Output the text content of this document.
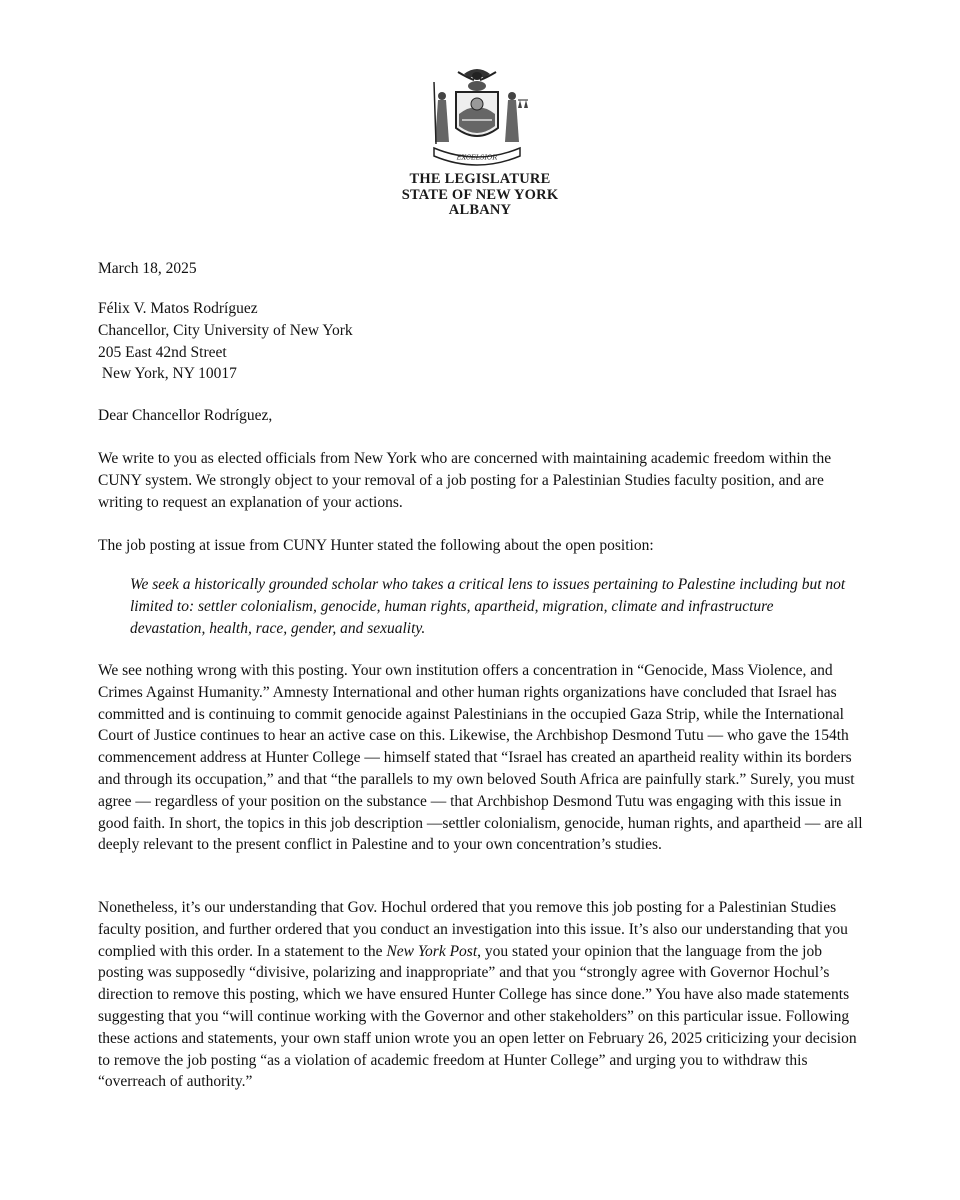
EXCELSIOR
THE LEGISLATURE
STATE OF NEW YORK
ALBANY
March 18, 2025
Félix V. Matos Rodríguez
Chancellor, City University of New York
205 East 42nd Street
New York, NY 10017
Dear Chancellor Rodríguez,

We write to you as elected officials from New York who are concerned with maintaining academic freedom within the CUNY system. We strongly object to your removal of a job posting for a Palestinian Studies faculty position, and are writing to request an explanation of your actions.

The job posting at issue from CUNY Hunter stated the following about the open position:

We seek a historically grounded scholar who takes a critical lens to issues pertaining to Palestine including but not limited to: settler colonialism, genocide, human rights, apartheid, migration, climate and infrastructure devastation, health, race, gender, and sexuality.

We see nothing wrong with this posting. Your own institution offers a concentration in “Genocide, Mass Violence, and Crimes Against Humanity.” Amnesty International and other human rights organizations have concluded that Israel has committed and is continuing to commit genocide against Palestinians in the occupied Gaza Strip, while the International Court of Justice continues to hear an active case on this. Likewise, the Archbishop Desmond Tutu — who gave the 154th commencement address at Hunter College — himself stated that “Israel has created an apartheid reality within its borders and through its occupation,” and that “the parallels to my own beloved South Africa are painfully stark.” Surely, you must agree — regardless of your position on the substance — that Archbishop Desmond Tutu was engaging with this issue in good faith. In short, the topics in this job description —settler colonialism, genocide, human rights, and apartheid — are all deeply relevant to the present conflict in Palestine and to your own concentration’s studies.

Nonetheless, it’s our understanding that Gov. Hochul ordered that you remove this job posting for a Palestinian Studies faculty position, and further ordered that you conduct an investigation into this issue. It’s also our understanding that you complied with this order. In a statement to the New York Post, you stated your opinion that the language from the job posting was supposedly “divisive, polarizing and inappropriate” and that you “strongly agree with Governor Hochul’s direction to remove this posting, which we have ensured Hunter College has since done.” You have also made statements suggesting that you “will continue working with the Governor and other stakeholders” on this particular issue. Following these actions and statements, your own staff union wrote you an open letter on February 26, 2025 criticizing your decision to remove the job posting “as a violation of academic freedom at Hunter College” and urging you to withdraw this “overreach of authority.”
